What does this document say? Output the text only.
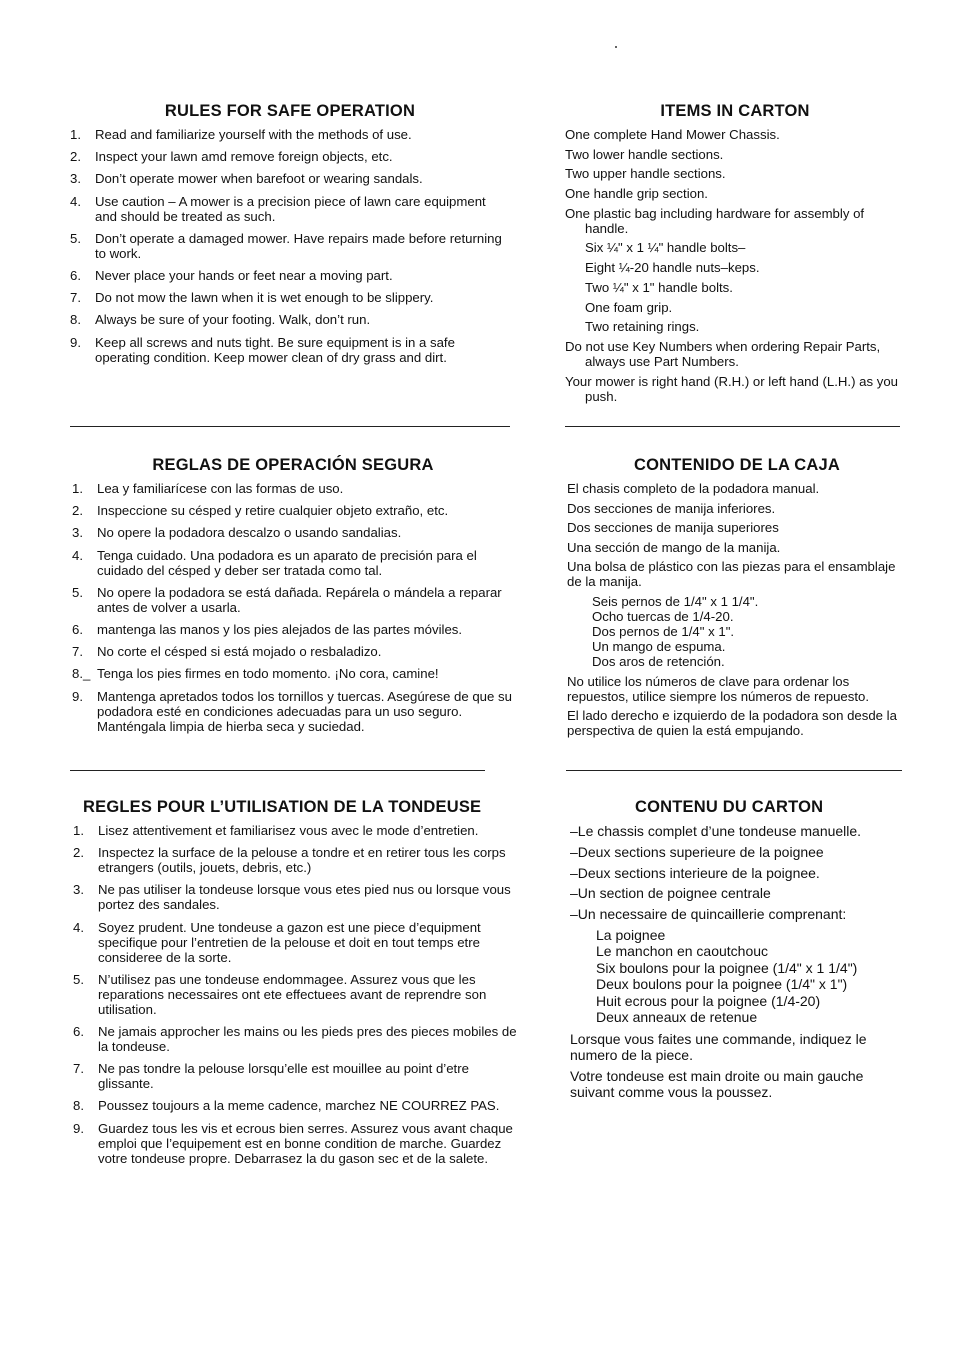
RULES FOR SAFE OPERATION
1. Read and familiarize yourself with the methods of use.
2. Inspect your lawn amd remove foreign objects, etc.
3. Don’t operate mower when barefoot or wearing sandals.
4. Use caution – A mower is a precision piece of lawn care equipment and should be treated as such.
5. Don’t operate a damaged mower. Have repairs made before returning to work.
6. Never place your hands or feet near a moving part.
7. Do not mow the lawn when it is wet enough to be slippery.
8. Always be sure of your footing. Walk, don’t run.
9. Keep all screws and nuts tight. Be sure equipment is in a safe operating condition. Keep mower clean of dry grass and dirt.
ITEMS IN CARTON

One complete Hand Mower Chassis.

Two lower handle sections.

Two upper handle sections.

One handle grip section.

One plastic bag including hardware for assembly of handle.

Six ¼" x 1 ¼" handle bolts–

Eight ¼-20 handle nuts–keps.

Two ¼" x 1" handle bolts.

One foam grip.

Two retaining rings.

Do not use Key Numbers when ordering Repair Parts, always use Part Numbers.

Your mower is right hand (R.H.) or left hand (L.H.) as you push.

REGLAS DE OPERACIÓN SEGURA
1. Lea y familiarícese con las formas de uso.
2. Inspeccione su césped y retire cualquier objeto extraño, etc.
3. No opere la podadora descalzo o usando sandalias.
4. Tenga cuidado. Una podadora es un aparato de precisión para el cuidado del césped y deber ser tratada como tal.
5. No opere la podadora se está dañada. Repárela o mándela a reparar antes de volver a usarla.
6. mantenga las manos y los pies alejados de las partes móviles.
7. No corte el césped si está mojado o resbaladizo.
8._ Tenga los pies firmes en todo momento. ¡No cora, camine!
9. Mantenga apretados todos los tornillos y tuercas. Asegúrese de que su podadora esté en condiciones adecuadas para un uso seguro. Manténgala limpia de hierba seca y suciedad.
CONTENIDO DE LA CAJA

El chasis completo de la podadora manual.

Dos secciones de manija inferiores.

Dos secciones de manija superiores

Una sección de mango de la manija.

Una bolsa de plástico con las piezas para el ensamblaje de la manija.

Seis pernos de 1/4" x 1 1/4".

Ocho tuercas de 1/4-20.

Dos pernos de 1/4" x 1".

Un mango de espuma.

Dos aros de retención.

No utilice los números de clave para ordenar los repuestos, utilice siempre los números de repuesto.

El lado derecho e izquierdo de la podadora son desde la perspectiva de quien la está empujando.

REGLES POUR L’UTILISATION DE LA TONDEUSE
1. Lisez attentivement et familiarisez vous avec le mode d’entretien.
2. Inspectez la surface de la pelouse a tondre et en retirer tous les corps etrangers (outils, jouets, debris, etc.)
3. Ne pas utiliser la tondeuse lorsque vous etes pied nus ou lorsque vous portez des sandales.
4. Soyez prudent. Une tondeuse a gazon est une piece d’equipment specifique pour l’entretien de la pelouse et doit en tout temps etre consideree de la sorte.
5. N’utilisez pas une tondeuse endommagee. Assurez vous que les reparations necessaires ont ete effectuees avant de reprendre son utilisation.
6. Ne jamais approcher les mains ou les pieds pres des pieces mobiles de la tondeuse.
7. Ne pas tondre la pelouse lorsqu’elle est mouillee au point d’etre glissante.
8. Poussez toujours a la meme cadence, marchez NE COURREZ PAS.
9. Guardez tous les vis et ecrous bien serres. Assurez vous avant chaque emploi que l’equipement est en bonne condition de marche. Guardez votre tondeuse propre. Debarrasez la du gason sec et de la salete.
CONTENU DU CARTON

–Le chassis complet d’une tondeuse manuelle.

–Deux sections superieure de la poignee

–Deux sections interieure de la poignee.

–Un section de poignee centrale

–Un necessaire de quincaillerie comprenant:

La poignee

Le manchon en caoutchouc

Six boulons pour la poignee (1/4" x 1 1/4")

Deux boulons pour la poignee (1/4" x 1")

Huit ecrous pour la poignee (1/4-20)

Deux anneaux de retenue

Lorsque vous faites une commande, indiquez le numero de la piece.

Votre tondeuse est main droite ou main gauche suivant comme vous la poussez.
